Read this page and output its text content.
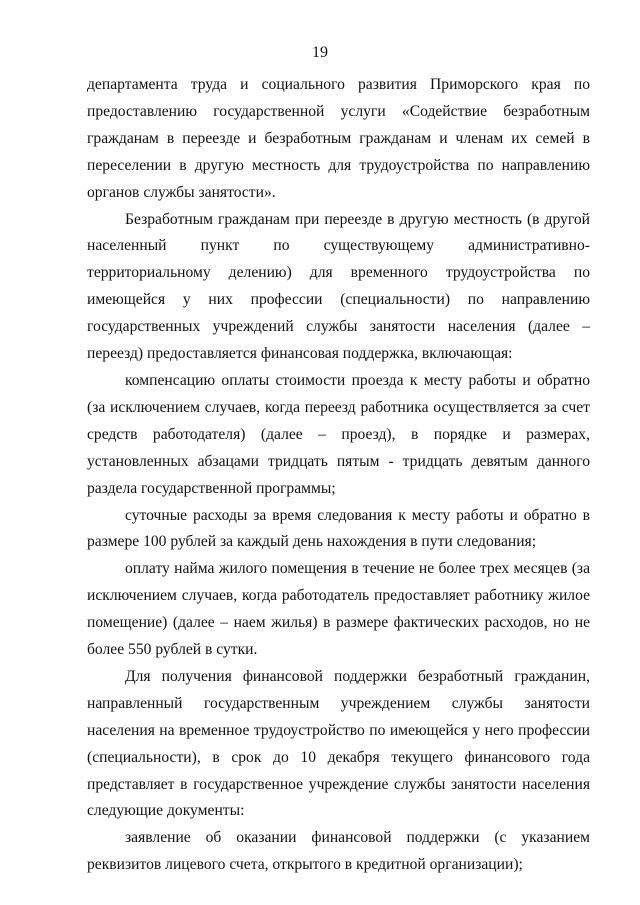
19

департамента труда и социального развития Приморского края по предоставлению государственной услуги «Содействие безработным гражданам в переезде и безработным гражданам и членам их семей в переселении в другую местность для трудоустройства по направлению органов службы занятости».

Безработным гражданам при переезде в другую местность (в другой населенный пункт по существующему административно-территориальному делению) для временного трудоустройства по имеющейся у них профессии (специальности) по направлению государственных учреждений службы занятости населения (далее – переезд) предоставляется финансовая поддержка, включающая:

компенсацию оплаты стоимости проезда к месту работы и обратно (за исключением случаев, когда переезд работника осуществляется за счет средств работодателя) (далее – проезд), в порядке и размерах, установленных абзацами тридцать пятым - тридцать девятым данного раздела государственной программы;

суточные расходы за время следования к месту работы и обратно в размере 100 рублей за каждый день нахождения в пути следования;

оплату найма жилого помещения в течение не более трех месяцев (за исключением случаев, когда работодатель предоставляет работнику жилое помещение) (далее – наем жилья) в размере фактических расходов, но не более 550 рублей в сутки.

Для получения финансовой поддержки безработный гражданин, направленный государственным учреждением службы занятости населения на временное трудоустройство по имеющейся у него профессии (специальности), в срок до 10 декабря текущего финансового года представляет в государственное учреждение службы занятости населения следующие документы:

заявление об оказании финансовой поддержки (с указанием реквизитов лицевого счета, открытого в кредитной организации);
